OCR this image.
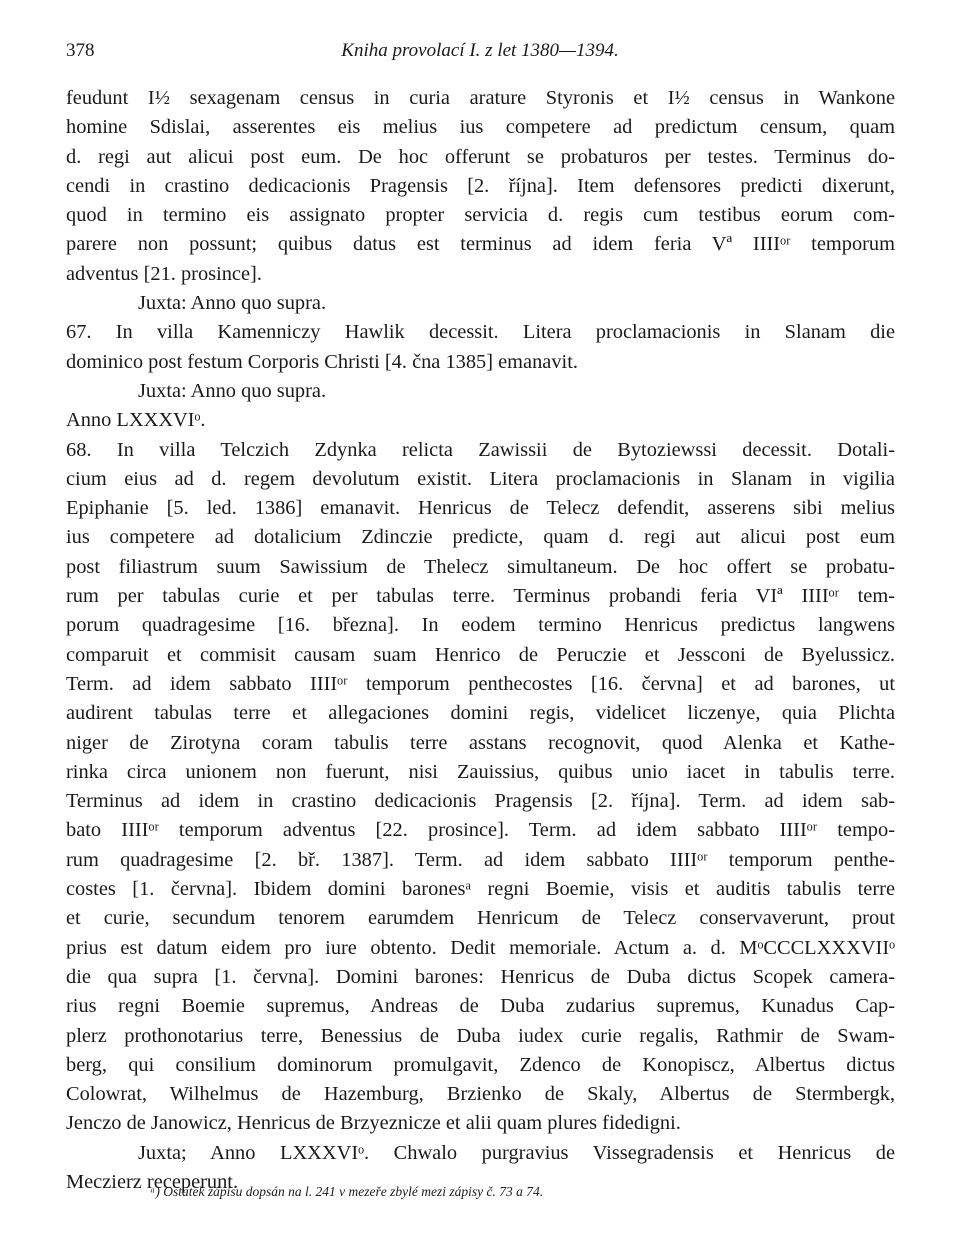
378	Kniha provolací I. z let 1380—1394.
feudunt I½ sexagenam census in curia arature Styronis et I½ census in Wankone
homine Sdislai, asserentes eis melius ius competere ad predictum censum, quam
d. regi aut alicui post eum. De hoc offerunt se probaturos per testes. Terminus do-
cendi in crastino dedicacionis Pragensis [2. října]. Item defensores predicti dixerunt,
quod in termino eis assignato propter servicia d. regis cum testibus eorum com-
parere non possunt; quibus datus est terminus ad idem feria Vª IIIIᵒʳ temporum
adventus [21. prosince].
Juxta: Anno quo supra.
67. In villa Kamenniczy Hawlik decessit. Litera proclamacionis in Slanam die
dominico post festum Corporis Christi [4. čna 1385] emanavit.
Juxta: Anno quo supra.
Anno LXXXVIᵒ.
68. In villa Telczich Zdynka relicta Zawissii de Bytoziewssi decessit. Dotali-
cium eius ad d. regem devolutum existit. Litera proclamacionis in Slanam in vigilia
Epiphanie [5. led. 1386] emanavit. Henricus de Telecz defendit, asserens sibi melius
ius competere ad dotalicium Zdinczie predicte, quam d. regi aut alicui post eum
post filiastrum suum Sawissium de Thelecz simultaneum. De hoc offert se probatu-
rum per tabulas curie et per tabulas terre. Terminus probandi feria VIª IIIIᵒʳ tem-
porum quadragesime [16. března]. In eodem termino Henricus predictus langwens
comparuit et commisit causam suam Henrico de Peruczie et Jessconi de Byelussicz.
Term. ad idem sabbato IIIIᵒʳ temporum penthecostes [16. června] et ad barones, ut
audirent tabulas terre et allegaciones domini regis, videlicet liczenye, quia Plichta
niger de Zirotyna coram tabulis terre asstans recognovit, quod Alenka et Kathe-
rinka circa unionem non fuerunt, nisi Zauissius, quibus unio iacet in tabulis terre.
Terminus ad idem in crastino dedicacionis Pragensis [2. října]. Term. ad idem sab-
bato IIIIᵒʳ temporum adventus [22. prosince]. Term. ad idem sabbato IIIIᵒʳ tempo-
rum quadragesime [2. bř. 1387]. Term. ad idem sabbato IIIIᵒʳ temporum penthe-
costes [1. června]. Ibidem domini baronesᵃ regni Boemie, visis et auditis tabulis terre
et curie, secundum tenorem earumdem Henricum de Telecz conservaverunt, prout
prius est datum eidem pro iure obtento. Dedit memoriale. Actum a. d. MᵒCCCLXXXVIIᵒ
die qua supra [1. června]. Domini barones: Henricus de Duba dictus Scopek camera-
rius regni Boemie supremus, Andreas de Duba zudarius supremus, Kunadus Cap-
plerz prothonotarius terre, Benessius de Duba iudex curie regalis, Rathmir de Swam-
berg, qui consilium dominorum promulgavit, Zdenco de Konopiscz, Albertus dictus
Colowrat, Wilhelmus de Hazemburg, Brzienko de Skaly, Albertus de Stermbergk,
Jenczo de Janowicz, Henricus de Brzyeznicze et alii quam plures fidedigni.
Juxta; Anno LXXXVIᵒ. Chwalo purgravius Vissegradensis et Henricus de
Meczierz receperunt.
ᵃ) Ostatek zápisu dopsán na l. 241 v mezeře zbylé mezi zápisy č. 73 a 74.
